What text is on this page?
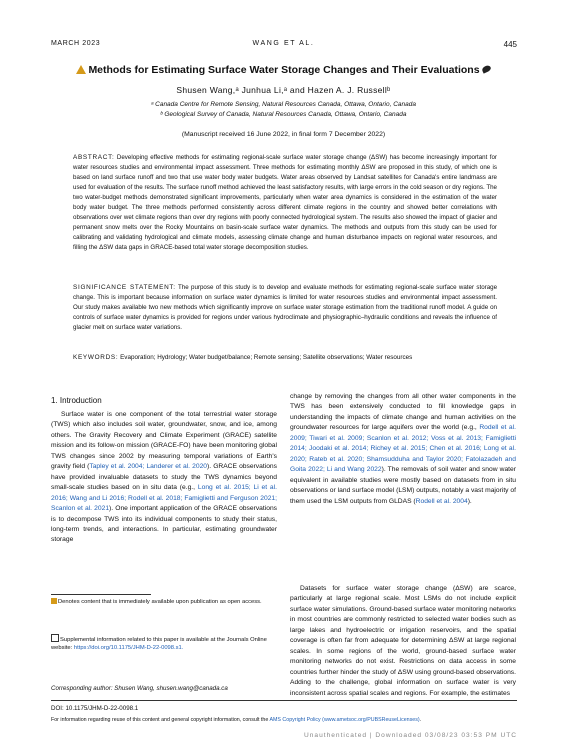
MARCH 2023	WANG ET AL.	445
Methods for Estimating Surface Water Storage Changes and Their Evaluations
Shusen Wang,ᵃ Junhua Li,ᵃ and Hazen A. J. Russellᵇ
ᵃ Canada Centre for Remote Sensing, Natural Resources Canada, Ottawa, Ontario, Canada
ᵇ Geological Survey of Canada, Natural Resources Canada, Ottawa, Ontario, Canada
(Manuscript received 16 June 2022, in final form 7 December 2022)

ABSTRACT: Developing effective methods for estimating regional-scale surface water storage change (ΔSW) has become increasingly important for water resources studies and environmental impact assessment. Three methods for estimating monthly ΔSW are proposed in this study, of which one is based on land surface runoff and two that use water body water budgets. Water areas observed by Landsat satellites for Canada's entire landmass are used for evaluation of the results. The surface runoff method achieved the least satisfactory results, with large errors in the cold season or dry regions. The two water-budget methods demonstrated significant improvements, particularly when water area dynamics is considered in the estimation of the water body water budget. The three methods performed consistently across different climate regions in the country and showed better correlations with observations over wet climate regions than over dry regions with poorly connected hydrological system. The results also showed the impact of glacier and permanent snow melts over the Rocky Mountains on basin-scale surface water dynamics. The methods and outputs from this study can be used for calibrating and validating hydrological and climate models, assessing climate change and human disturbance impacts on regional water resources, and filling the ΔSW data gaps in GRACE-based total water storage decomposition studies.

SIGNIFICANCE STATEMENT: The purpose of this study is to develop and evaluate methods for estimating regional-scale surface water storage change. This is important because information on surface water dynamics is limited for water resources studies and environmental impact assessment. Our study makes available two new methods which significantly improve on surface water storage estimation from the traditional runoff model. A guide on controls of surface water dynamics is provided for regions under various hydroclimate and physiographic–hydraulic conditions and reveals the influence of glacier melt on surface water variations.

KEYWORDS: Evaporation; Hydrology; Water budget/balance; Remote sensing; Satellite observations; Water resources

1. Introduction

Surface water is one component of the total terrestrial water storage (TWS) which also includes soil water, groundwater, snow, and ice, among others. The Gravity Recovery and Climate Experiment (GRACE) satellite mission and its follow-on mission (GRACE-FO) have been monitoring global TWS changes since 2002 by measuring temporal variations of Earth's gravity field (Tapley et al. 2004; Landerer et al. 2020). GRACE observations have provided invaluable datasets to study the TWS dynamics beyond small-scale studies based on in situ data (e.g., Long et al. 2015; Li et al. 2016; Wang and Li 2016; Rodell et al. 2018; Famiglietti and Ferguson 2021; Scanlon et al. 2021). One important application of the GRACE observations is to decompose TWS into its individual components to study their status, long-term trends, and interactions. In particular, estimating groundwater storage

Denotes content that is immediately available upon publication as open access.

Supplemental information related to this paper is available at the Journals Online website: https://doi.org/10.1175/JHM-D-22-0098.s1.

Corresponding author: Shusen Wang, shusen.wang@canada.ca
DOI: 10.1175/JHM-D-22-0098.1
For information regarding reuse of this content and general copyright information, consult the AMS Copyright Policy (www.ametsoc.org/PUBSReuseLicenses).
Unauthenticated | Downloaded 03/08/23 03:53 PM UTC

change by removing the changes from all other water components in the TWS has been extensively conducted to fill knowledge gaps in understanding the impacts of climate change and human activities on the groundwater resources for large aquifers over the world (e.g., Rodell et al. 2009; Tiwari et al. 2009; Scanlon et al. 2012; Voss et al. 2013; Famiglietti 2014; Joodaki et al. 2014; Richey et al. 2015; Chen et al. 2016; Long et al. 2020; Rateb et al. 2020; Shamsudduha and Taylor 2020; Fatolazadeh and Goita 2022; Li and Wang 2022). The removals of soil water and snow water equivalent in available studies were mostly based on datasets from in situ observations or land surface model (LSM) outputs, notably a vast majority of them used the LSM outputs from GLDAS (Rodell et al. 2004).

Datasets for surface water storage change (ΔSW) are scarce, particularly at large regional scale. Most LSMs do not include explicit surface water simulations. Ground-based surface water monitoring networks in most countries are commonly restricted to selected water bodies such as large lakes and hydroelectric or irrigation reservoirs, and the spatial coverage is often far from adequate for determining ΔSW at large regional scales. In some regions of the world, ground-based surface water monitoring networks do not exist. Restrictions on data access in some countries further hinder the study of ΔSW using ground-based observations. Adding to the challenge, global information on surface water is very inconsistent across spatial scales and regions. For example, the estimates
